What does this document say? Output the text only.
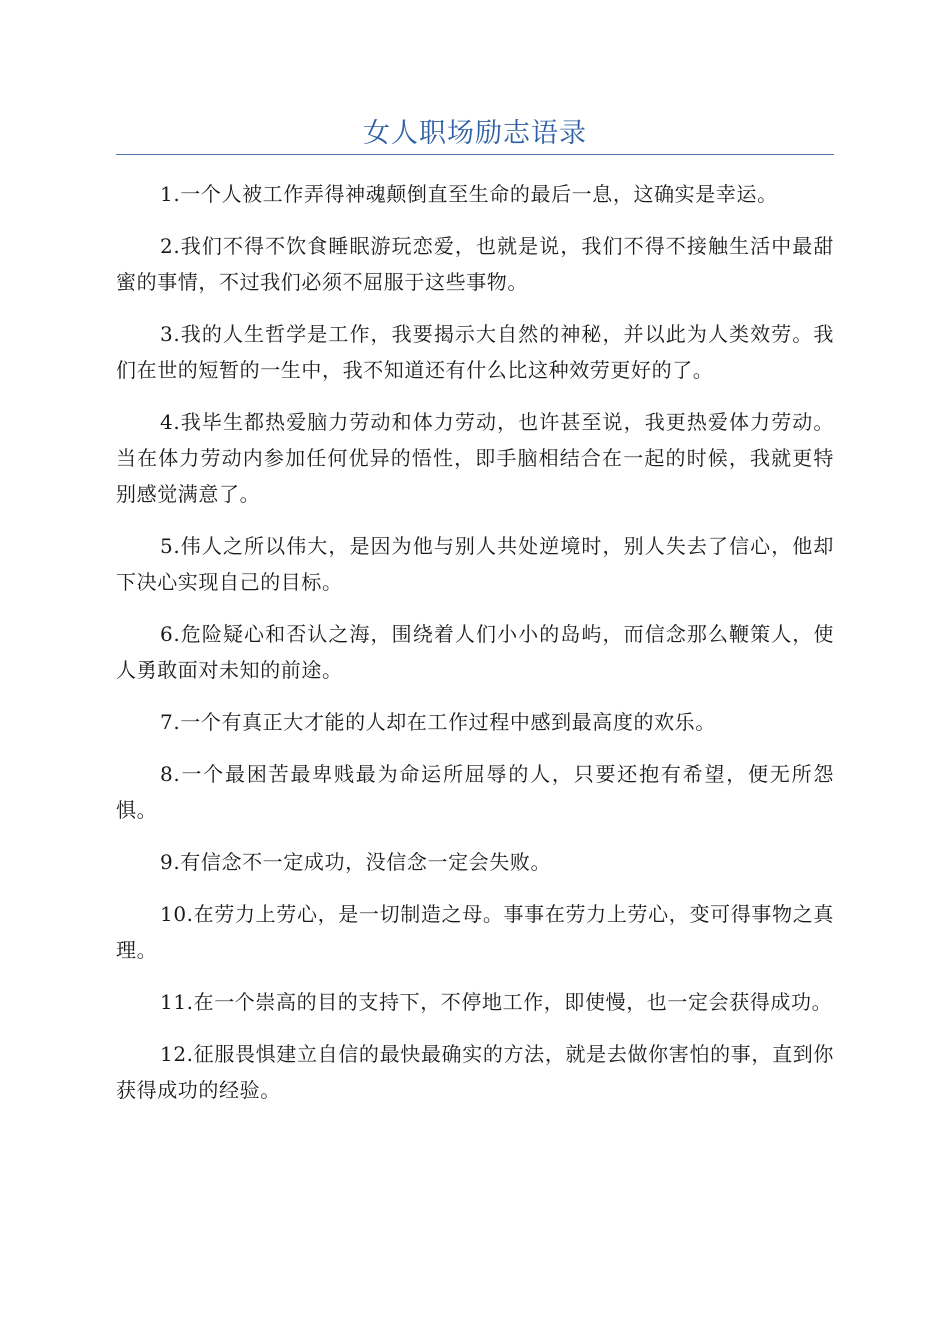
女人职场励志语录

1.一个人被工作弄得神魂颠倒直至生命的最后一息，这确实是幸运。

2.我们不得不饮食睡眠游玩恋爱，也就是说，我们不得不接触生活中最甜蜜的事情，不过我们必须不屈服于这些事物。

3.我的人生哲学是工作，我要揭示大自然的神秘，并以此为人类效劳。我们在世的短暂的一生中，我不知道还有什么比这种效劳更好的了。

4.我毕生都热爱脑力劳动和体力劳动，也许甚至说，我更热爱体力劳动。当在体力劳动内参加任何优异的悟性，即手脑相结合在一起的时候，我就更特别感觉满意了。

5.伟人之所以伟大，是因为他与别人共处逆境时，别人失去了信心，他却下决心实现自己的目标。

6.危险疑心和否认之海，围绕着人们小小的岛屿，而信念那么鞭策人，使人勇敢面对未知的前途。

7.一个有真正大才能的人却在工作过程中感到最高度的欢乐。

8.一个最困苦最卑贱最为命运所屈辱的人，只要还抱有希望，便无所怨惧。

9.有信念不一定成功，没信念一定会失败。

10.在劳力上劳心，是一切制造之母。事事在劳力上劳心，变可得事物之真理。

11.在一个崇高的目的支持下，不停地工作，即使慢，也一定会获得成功。

12.征服畏惧建立自信的最快最确实的方法，就是去做你害怕的事，直到你获得成功的经验。
